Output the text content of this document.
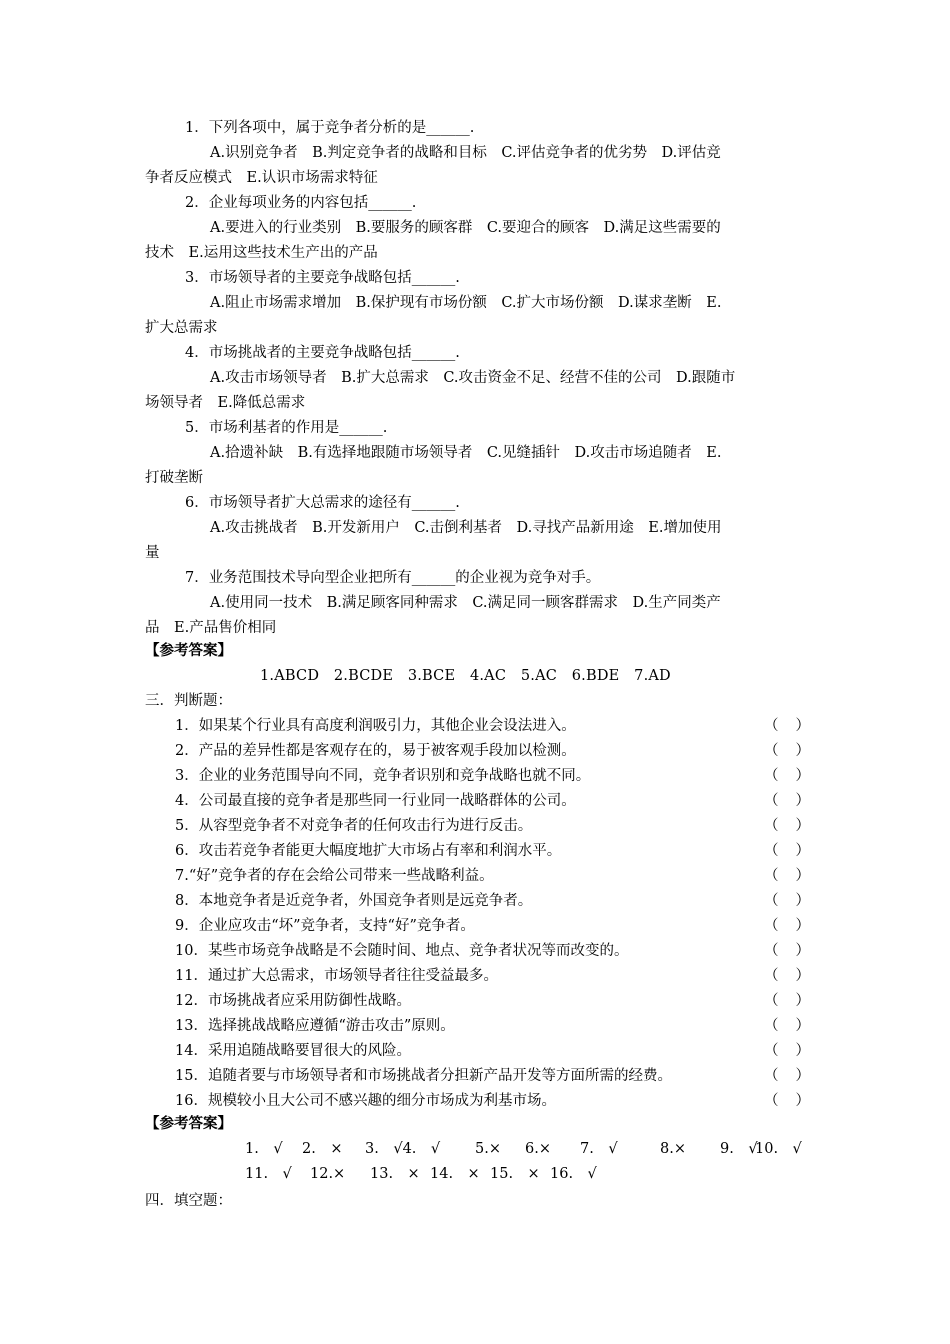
1．下列各项中，属于竞争者分析的是______.
A.识别竞争者　B.判定竞争者的战略和目标　C.评估竞争者的优劣势　D.评估竞
争者反应模式　E.认识市场需求特征
2．企业每项业务的内容包括______.
A.要进入的行业类别　B.要服务的顾客群　C.要迎合的顾客　D.满足这些需要的
技术　E.运用这些技术生产出的产品
3．市场领导者的主要竞争战略包括______.
A.阻止市场需求增加　B.保护现有市场份额　C.扩大市场份额　D.谋求垄断　E.
扩大总需求
4．市场挑战者的主要竞争战略包括______.
A.攻击市场领导者　B.扩大总需求　C.攻击资金不足、经营不佳的公司　D.跟随市
场领导者　E.降低总需求
5．市场利基者的作用是______.
A.拾遗补缺　B.有选择地跟随市场领导者　C.见缝插针　D.攻击市场追随者　E.
打破垄断
6．市场领导者扩大总需求的途径有______.
A.攻击挑战者　B.开发新用户　C.击倒利基者　D.寻找产品新用途　E.增加使用
量
7．业务范围技术导向型企业把所有______的企业视为竞争对手。
A.使用同一技术　B.满足顾客同种需求　C.满足同一顾客群需求　D.生产同类产
品　E.产品售价相同
【参考答案】
1.ABCD　2.BCDE　3.BCE　4.AC　5.AC　6.BDE　7.AD
三．判断题：
1．如果某个行业具有高度利润吸引力，其他企业会设法进入。	（ ）
2．产品的差异性都是客观存在的，易于被客观手段加以检测。	（ ）
3．企业的业务范围导向不同，竞争者识别和竞争战略也就不同。	（ ）
4．公司最直接的竞争者是那些同一行业同一战略群体的公司。	（ ）
5．从容型竞争者不对竞争者的任何攻击行为进行反击。	（ ）
6．攻击若竞争者能更大幅度地扩大市场占有率和利润水平。	（ ）
7.“好”竞争者的存在会给公司带来一些战略利益。	（ ）
8．本地竞争者是近竞争者，外国竞争者则是远竞争者。	（ ）
9．企业应攻击“坏”竞争者，支持“好”竞争者。	（ ）
10．某些市场竞争战略是不会随时间、地点、竞争者状况等而改变的。	（ ）
11．通过扩大总需求，市场领导者往往受益最多。	（ ）
12．市场挑战者应采用防御性战略。	（ ）
13．选择挑战战略应遵循“游击攻击”原则。	（ ）
14．采用追随战略要冒很大的风险。	（ ）
15．追随者要与市场领导者和市场挑战者分担新产品开发等方面所需的经费。	（ ）
16．规模较小且大公司不感兴趣的细分市场成为利基市场。	（ ）
【参考答案】
1.　√ 2.　× 3.　√4.　√ 5.× 6.× 7.　√	8.× 9.　√
10.　√
11.　√ 12.× 13.　× 14.　× 15.　× 16.　√
四．填空题：
